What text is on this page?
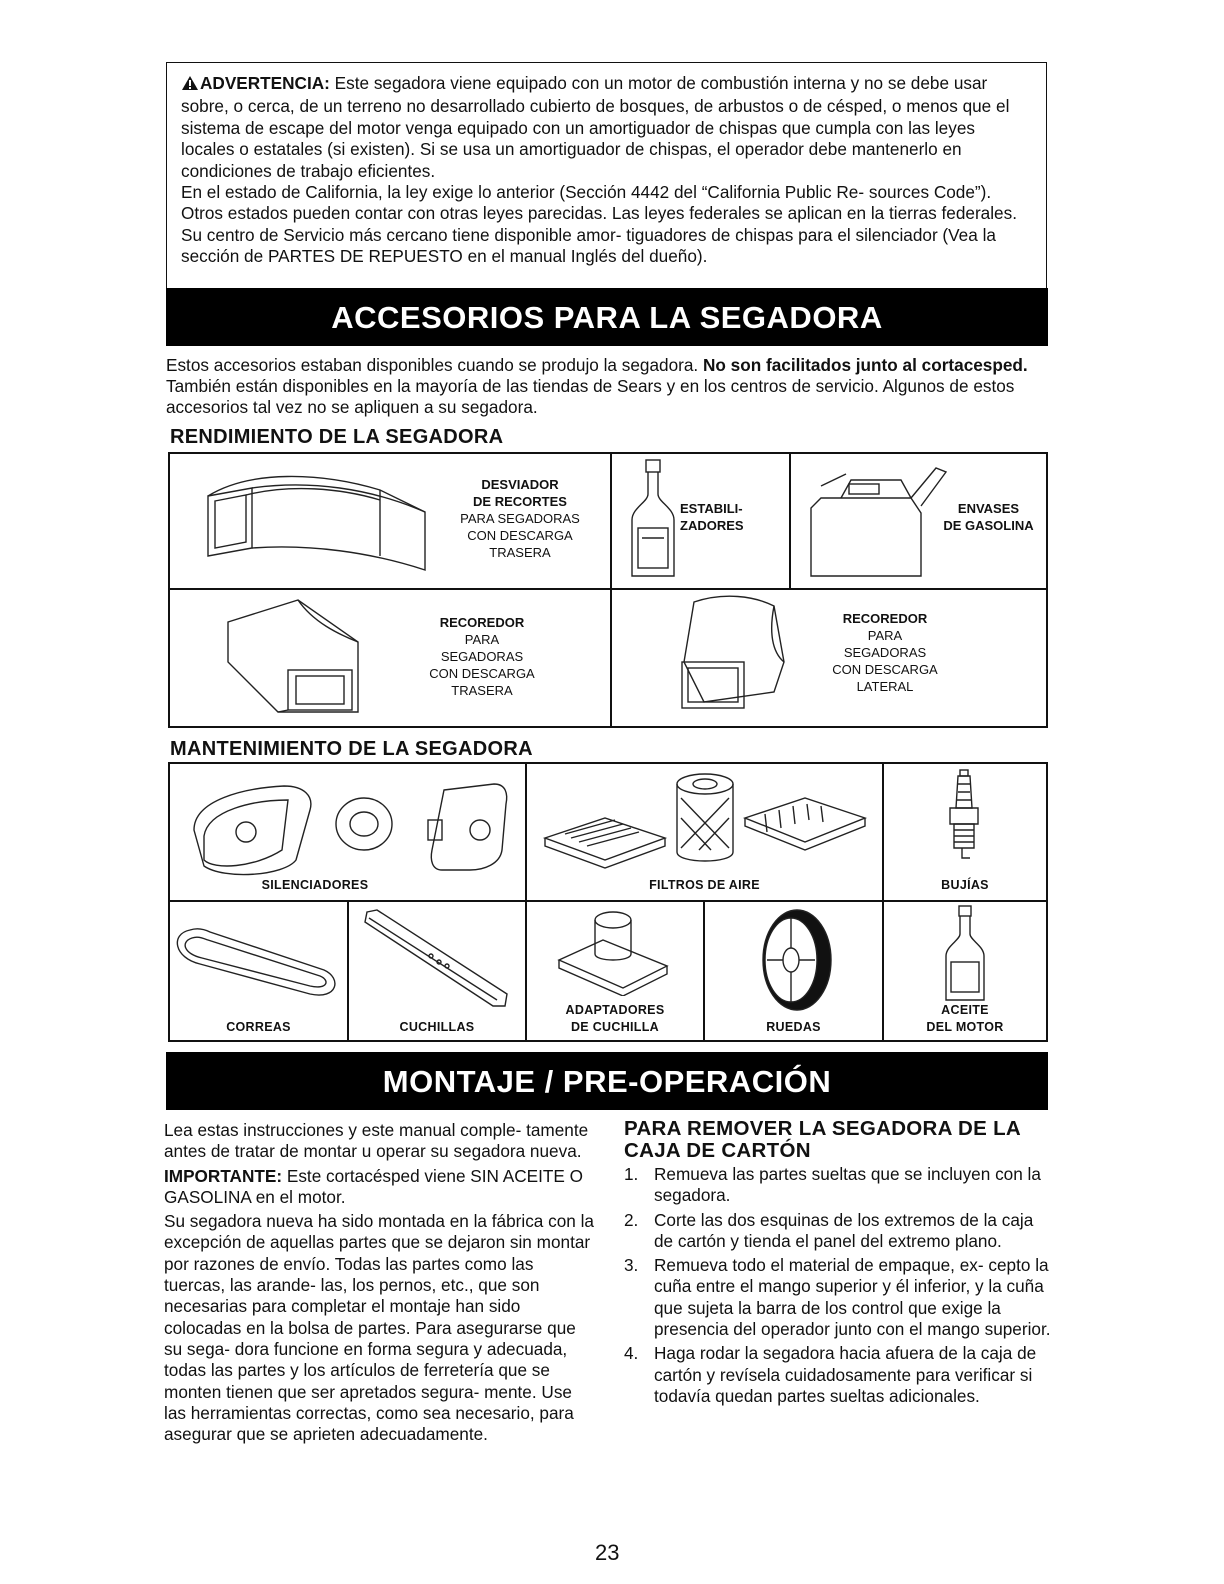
ADVERTENCIA: Este segadora viene equipado con un motor de combustión interna y no se debe usar sobre, o cerca, de un terreno no desarrollado cubierto de bosques, de arbustos o de césped, o menos que el sistema de escape del motor venga equipado con un amortiguador de chispas que cumpla con las leyes locales o estatales (si existen). Si se usa un amortiguador de chispas, el operador debe mantenerlo en condiciones de trabajo eficientes.

En el estado de California, la ley exige lo anterior (Sección 4442 del “California Public Re- sources Code”). Otros estados pueden contar con otras leyes parecidas. Las leyes federales se aplican en la tierras federales. Su centro de Servicio más cercano tiene disponible amor- tiguadores de chispas para el silenciador (Vea la sección de PARTES DE REPUESTO en el manual Inglés del dueño).

ACCESORIOS PARA LA SEGADORA

Estos accesorios estaban disponibles cuando se produjo la segadora. No son facilitados junto al cortacesped. También están disponibles en la mayoría de las tiendas de Sears y en los centros de servicio. Algunos de estos accesorios tal vez no se apliquen a su segadora.

RENDIMIENTO DE LA SEGADORA
DESVIADOR
DE RECORTES
PARA SEGADORAS
CON DESCARGA
TRASERA
ESTABILI-
ZADORES
ENVASES
DE GASOLINA
RECOREDOR
PARA
SEGADORAS
CON DESCARGA
TRASERA
RECOREDOR
PARA
SEGADORAS
CON DESCARGA
LATERAL
MANTENIMIENTO DE LA SEGADORA
SILENCIADORES	FILTROS DE AIRE	BUJÍAS
CORREAS	CUCHILLAS
ADAPTADORES
DE CUCHILLA	RUEDAS
ACEITE
DEL MOTOR
MONTAJE / PRE-OPERACIÓN

Lea estas instrucciones y este manual comple- tamente antes de tratar de montar u operar su segadora nueva.

IMPORTANTE: Este cortacésped viene SIN ACEITE O GASOLINA en el motor.

Su segadora nueva ha sido montada en la fábrica con la excepción de aquellas partes que se dejaron sin montar por razones de envío. Todas las partes como las tuercas, las arande- las, los pernos, etc., que son necesarias para completar el montaje han sido colocadas en la bolsa de partes. Para asegurarse que su sega- dora funcione en forma segura y adecuada, todas las partes y los artículos de ferretería que se monten tienen que ser apretados segura- mente. Use las herramientas correctas, como sea necesario, para asegurar que se aprieten adecuadamente.

PARA REMOVER LA SEGADORA DE LA CAJA DE CARTÓN
1. Remueva las partes sueltas que se incluyen con la segadora.
2. Corte las dos esquinas de los extremos de la caja de cartón y tienda el panel del extremo plano.
3. Remueva todo el material de empaque, ex- cepto la cuña entre el mango superior y él inferior, y la cuña que sujeta la barra de los control que exige la presencia del operador junto con el mango superior.
4. Haga rodar la segadora hacia afuera de la caja de cartón y revísela cuidadosamente para verificar si todavía quedan partes sueltas adicionales.
23
